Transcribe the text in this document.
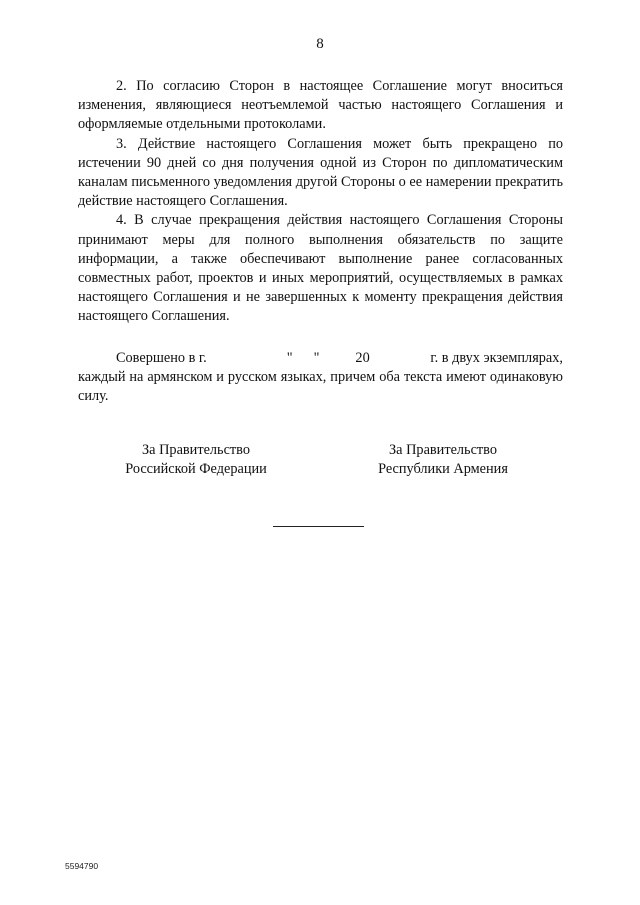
8

2. По согласию Сторон в настоящее Соглашение могут вноситься изменения, являющиеся неотъемлемой частью настоящего Соглашения и оформляемые отдельными протоколами.

3. Действие настоящего Соглашения может быть прекращено по истечении 90 дней со дня получения одной из Сторон по дипломатическим каналам письменного уведомления другой Стороны о ее намерении прекратить действие настоящего Соглашения.

4. В случае прекращения действия настоящего Соглашения Стороны принимают меры для полного выполнения обязательств по защите информации, а также обеспечивают выполнение ранее согласованных совместных работ, проектов и иных мероприятий, осуществляемых в рамках настоящего Соглашения и не завершенных к моменту прекращения действия настоящего Соглашения.

Совершено в г.	" "	20	г. в двух экземплярах,

каждый на армянском и русском языках, причем оба текста имеют одинаковую силу.

За Правительство
Российской Федерации
За Правительство
Республики Армения
5594790
